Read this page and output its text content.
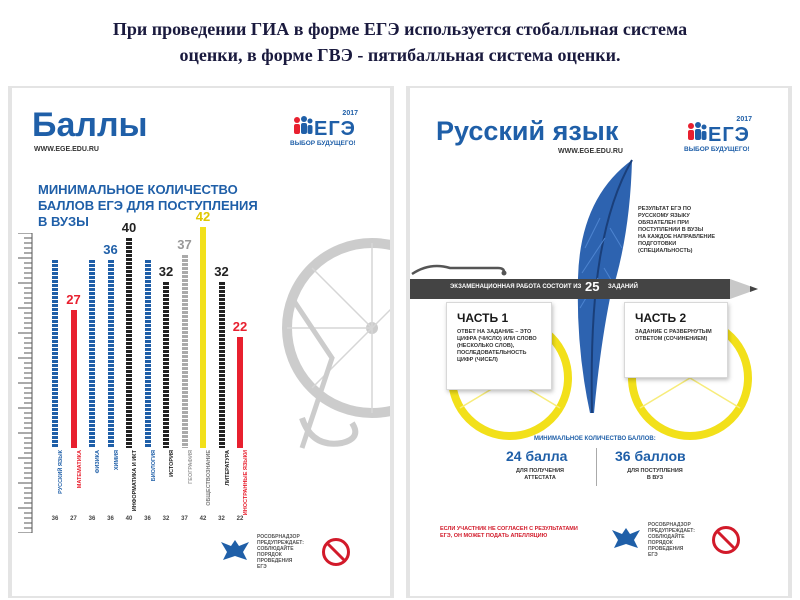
При проведении ГИА в форме ЕГЭ используется стобалльная система
оценки, в форме ГВЭ - пятибалльная система оценки.
Баллы
WWW.EGE.EDU.RU
2017
ЕГЭ
ВЫБОР БУДУЩЕГО!
МИНИМАЛЬНОЕ КОЛИЧЕСТВО
БАЛЛОВ ЕГЭ ДЛЯ ПОСТУПЛЕНИЯ
В ВУЗЫ
РУССКИЙ ЯЗЫК
36
27
МАТЕМАТИКА
27
ФИЗИКА
36
36
ХИМИЯ
36
40
ИНФОРМАТИКА И ИКТ
40
БИОЛОГИЯ
36
32
ИСТОРИЯ
32
37
ГЕОГРАФИЯ
37
42
ОБЩЕСТВОЗНАНИЕ
42
32
ЛИТЕРАТУРА
32
22
ИНОСТРАННЫЕ ЯЗЫКИ
22
РОСОБРНАДЗОР
ПРЕДУПРЕЖДАЕТ:
СОБЛЮДАЙТЕ
ПОРЯДОК
ПРОВЕДЕНИЯ
ЕГЭ
Русский язык
WWW.EGE.EDU.RU
2017
ЕГЭ
ВЫБОР БУДУЩЕГО!
РЕЗУЛЬТАТ ЕГЭ ПО
РУССКОМУ ЯЗЫКУ
ОБЯЗАТЕЛЕН ПРИ
ПОСТУПЛЕНИИ В ВУЗЫ
НА КАЖДОЕ НАПРАВЛЕНИЕ
ПОДГОТОВКИ
(СПЕЦИАЛЬНОСТЬ)
ЭКЗАМЕНАЦИОННАЯ РАБОТА СОСТОИТ ИЗ 25 ЗАДАНИЙ
ЧАСТЬ 1
ОТВЕТ НА ЗАДАНИЕ – ЭТО
ЦИФРА (ЧИСЛО) ИЛИ СЛОВО
(НЕСКОЛЬКО СЛОВ),
ПОСЛЕДОВАТЕЛЬНОСТЬ
ЦИФР (ЧИСЕЛ)
ЧАСТЬ 2
ЗАДАНИЕ С РАЗВЕРНУТЫМ
ОТВЕТОМ (СОЧИНЕНИЕМ)
МИНИМАЛЬНОЕ КОЛИЧЕСТВО БАЛЛОВ:
24 балла
ДЛЯ ПОЛУЧЕНИЯ
АТТЕСТАТА
36 баллов
ДЛЯ ПОСТУПЛЕНИЯ
В ВУЗ
ЕСЛИ УЧАСТНИК НЕ СОГЛАСЕН С РЕЗУЛЬТАТАМИ
ЕГЭ, ОН МОЖЕТ ПОДАТЬ АПЕЛЛЯЦИЮ
РОСОБРНАДЗОР
ПРЕДУПРЕЖДАЕТ:
СОБЛЮДАЙТЕ
ПОРЯДОК
ПРОВЕДЕНИЯ
ЕГЭ
